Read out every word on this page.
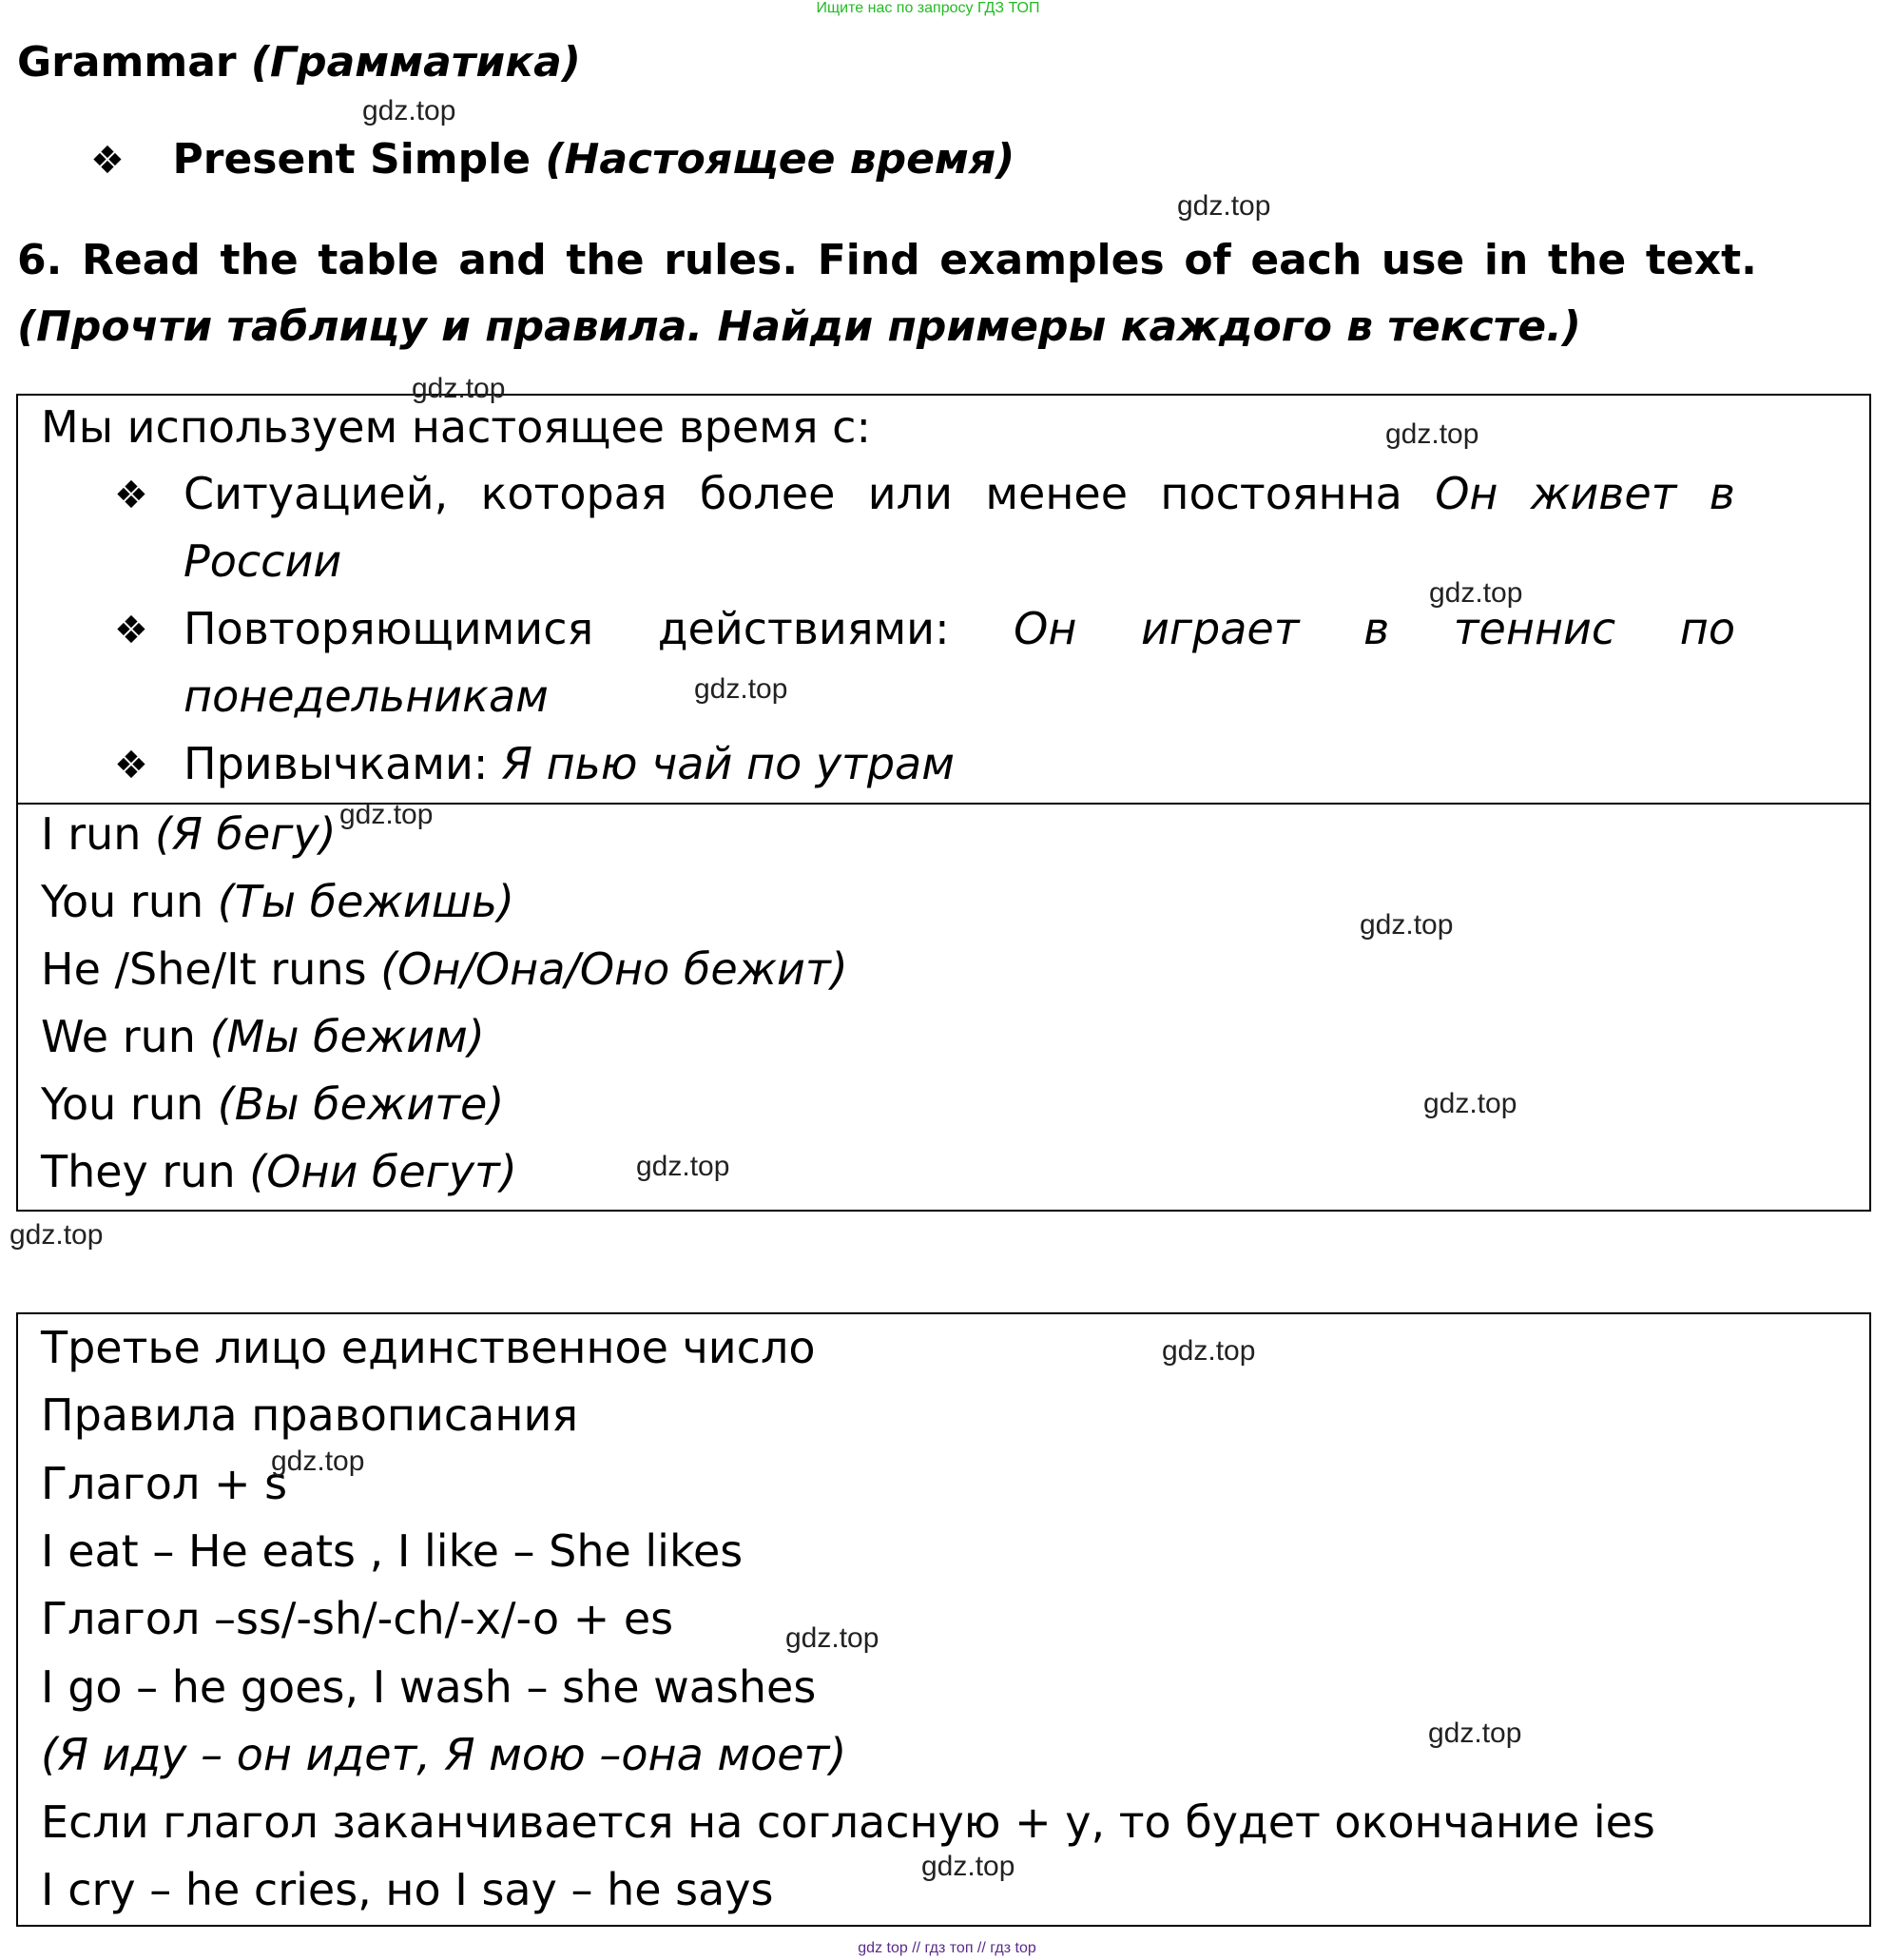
Ищите нас по запросу ГДЗ ТОП
Grammar (Грамматика)
❖ Present Simple (Настоящее время)
6. Read the table and the rules. Find examples of each use in the text.
(Прочти таблицу и правила. Найди примеры каждого в тексте.)
Мы используем настоящее время с:
❖ Ситуацией, которая более или менее постоянна Он живет в
России
❖ Повторяющимися действиями: Он играет в теннис по
понедельникам
❖ Привычками: Я пью чай по утрам
I run (Я бегу)
You run (Ты бежишь)
He /She/It runs (Он/Она/Оно бежит)
We run (Мы бежим)
You run (Вы бежите)
They run (Они бегут)
Третье лицо единственное число
Правила правописания
Глагол + s
I eat – He eats , I like – She likes
Глагол –ss/-sh/-ch/-x/-o + es
I go – he goes, I wash – she washes
(Я иду – он идет, Я мою –она моет)
Если глагол заканчивается на согласную + y, то будет окончание ies
I cry – he cries, но I say – he says
gdz.top
gdz.top
gdz.top
gdz.top
gdz.top
gdz.top
gdz.top
gdz.top
gdz.top
gdz.top
gdz.top
gdz.top
gdz.top
gdz.top
gdz.top
gdz.top
gdz top // гдз топ // гдз top
